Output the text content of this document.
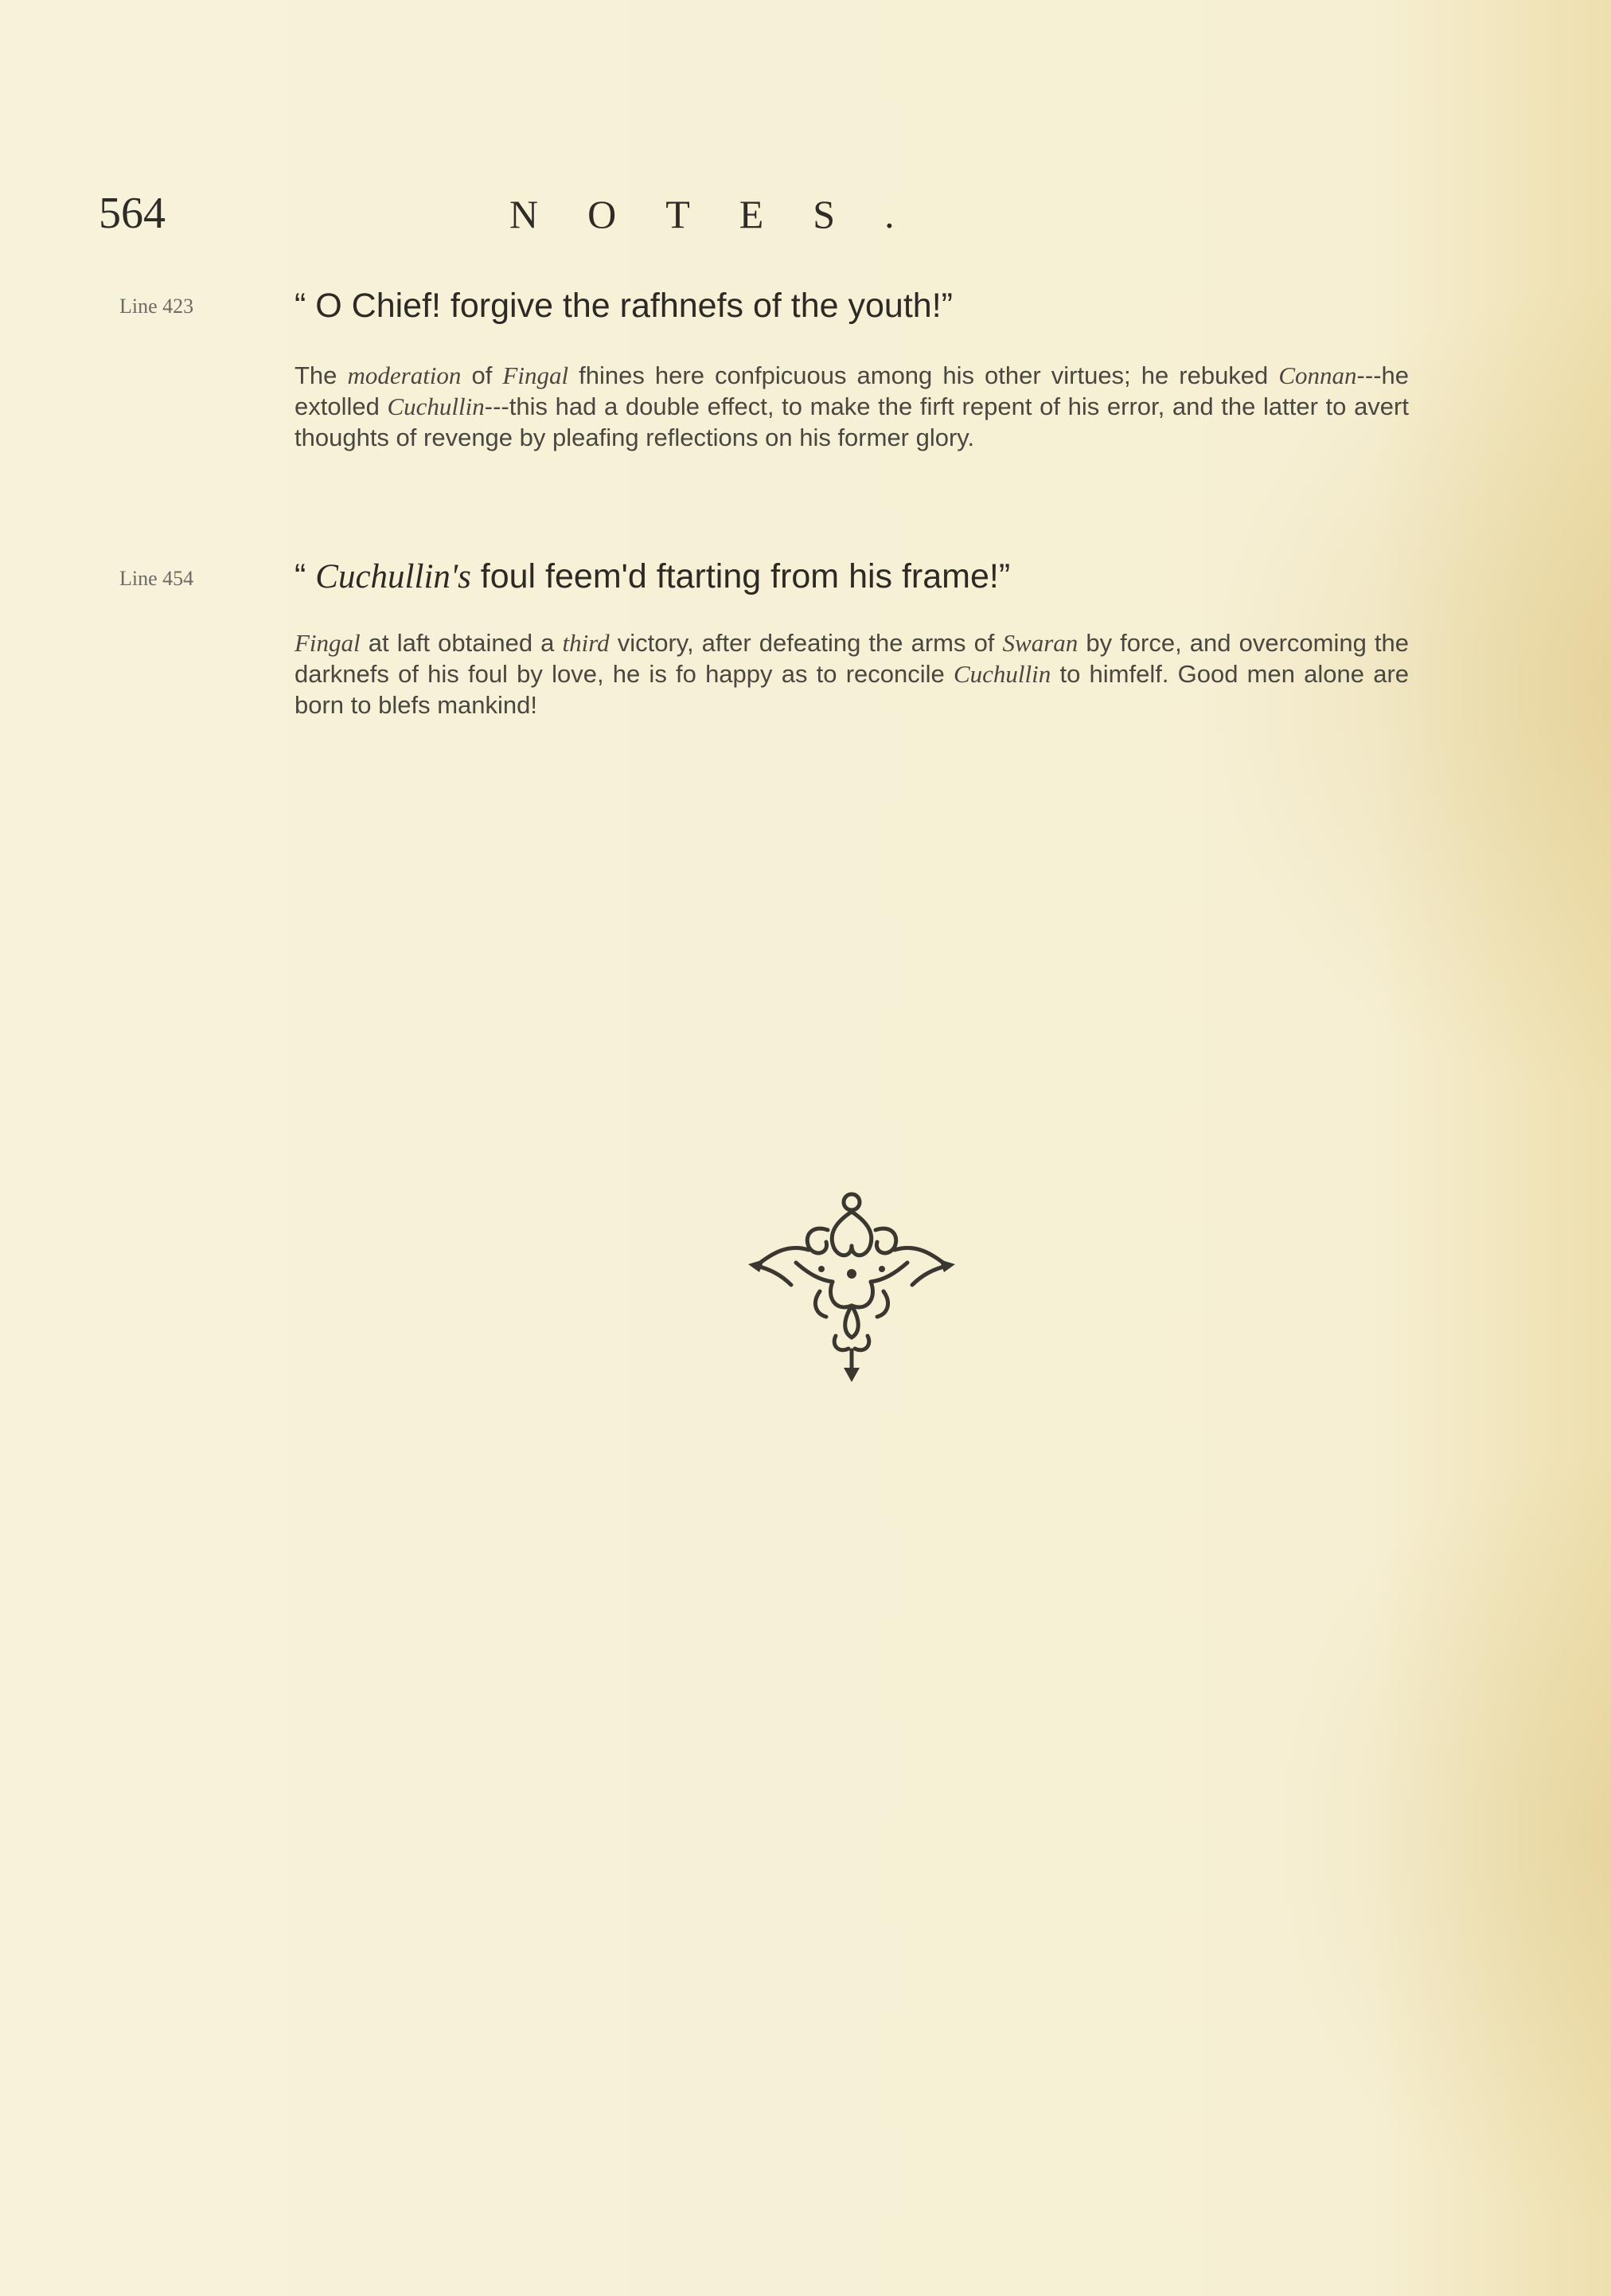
564	NOTES.
Line 423	“ O Chief! forgive the rafhnefs of the youth!”
The moderation of Fingal fhines here confpicuous among his other virtues; he rebuked Connan---he extolled Cuchullin---this had a double effect, to make the firft repent of his error, and the latter to avert thoughts of revenge by pleafing reflections on his former glory.
Line 454	“ Cuchullin's foul feem'd ftarting from his frame!”
Fingal at laft obtained a third victory, after defeating the arms of Swaran by force, and overcoming the darknefs of his foul by love, he is fo happy as to reconcile Cuchullin to himfelf. Good men alone are born to blefs mankind!
